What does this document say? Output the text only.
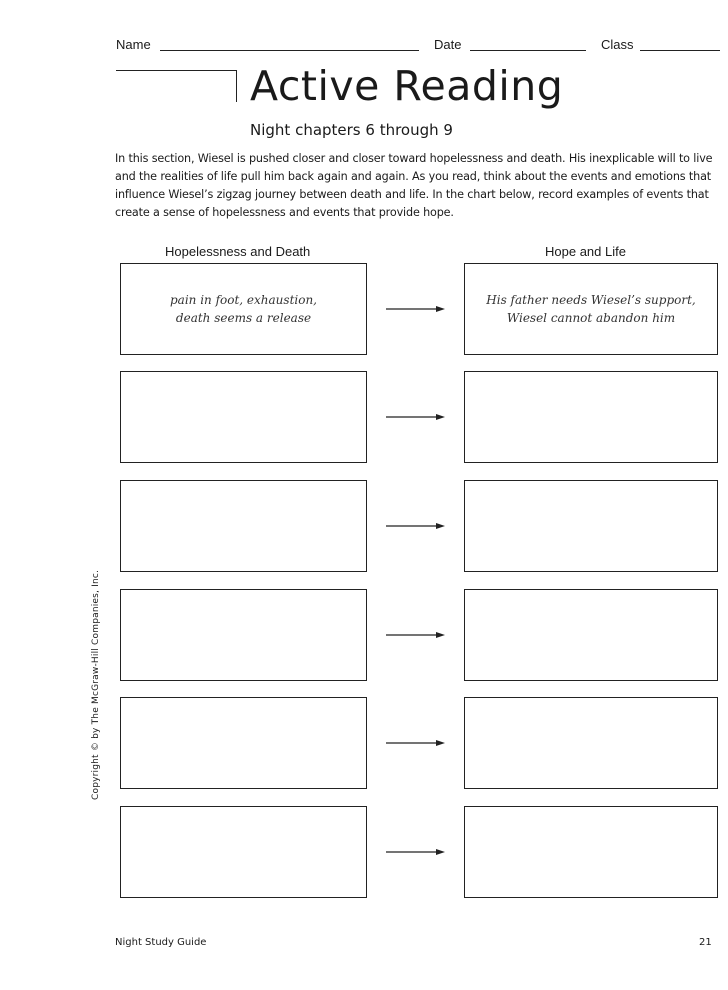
Name	Date	Class
Active Reading
Night chapters 6 through 9
In this section, Wiesel is pushed closer and closer toward hopelessness and death. His inexplicable will to live and the realities of life pull him back again and again. As you read, think about the events and emotions that influence Wiesel’s zigzag journey between death and life. In the chart below, record examples of events that create a sense of hopelessness and events that provide hope.
Hopelessness and Death	Hope and Life
pain in foot, exhaustion, death seems a release
His father needs Wiesel’s support, Wiesel cannot abandon him
Copyright © by The McGraw-Hill Companies, Inc.
Night Study Guide	21
